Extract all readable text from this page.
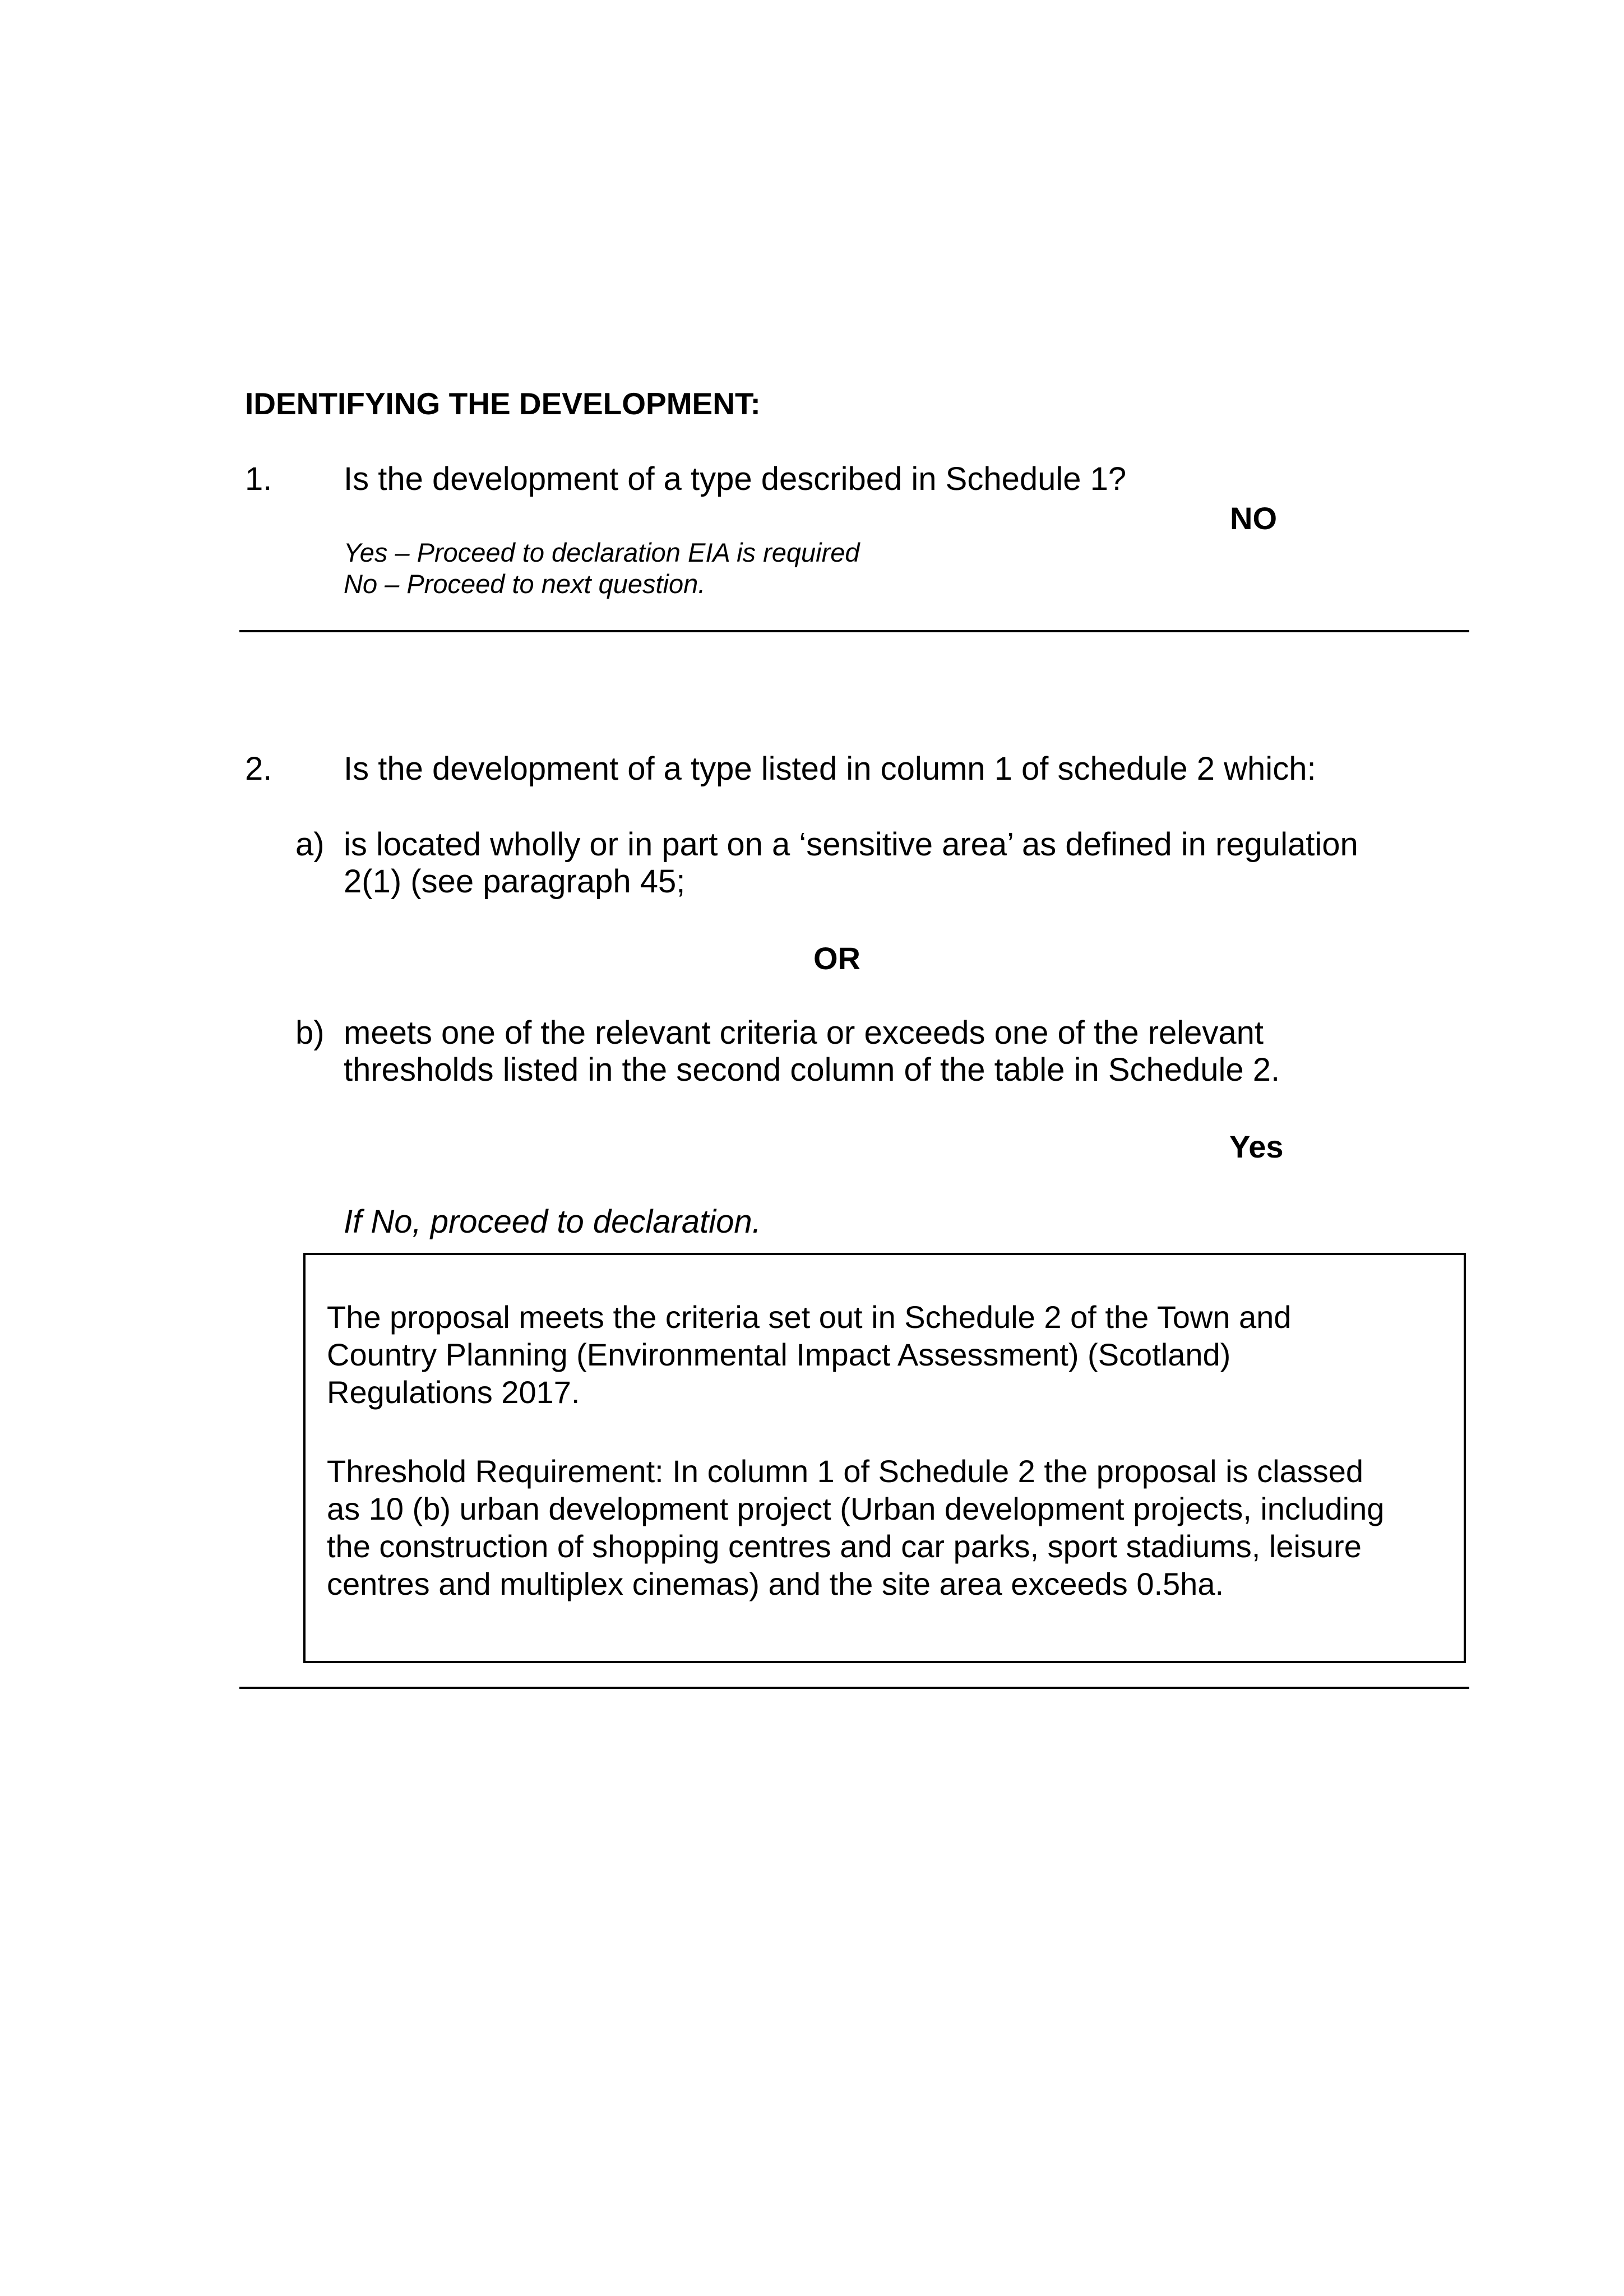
IDENTIFYING THE DEVELOPMENT:
1. Is the development of a type described in Schedule 1?
NO
Yes – Proceed to declaration EIA is required
No – Proceed to next question.
2. Is the development of a type listed in column 1 of schedule 2 which:
a) is located wholly or in part on a ‘sensitive area’ as defined in regulation
2(1) (see paragraph 45;
OR
b) meets one of the relevant criteria or exceeds one of the relevant
thresholds listed in the second column of the table in Schedule 2.
Yes
If No, proceed to declaration.
The proposal meets the criteria set out in Schedule 2 of the Town and
Country Planning (Environmental Impact Assessment) (Scotland)
Regulations 2017.
Threshold Requirement: In column 1 of Schedule 2 the proposal is classed
as 10 (b) urban development project (Urban development projects, including
the construction of shopping centres and car parks, sport stadiums, leisure
centres and multiplex cinemas) and the site area exceeds 0.5ha.
